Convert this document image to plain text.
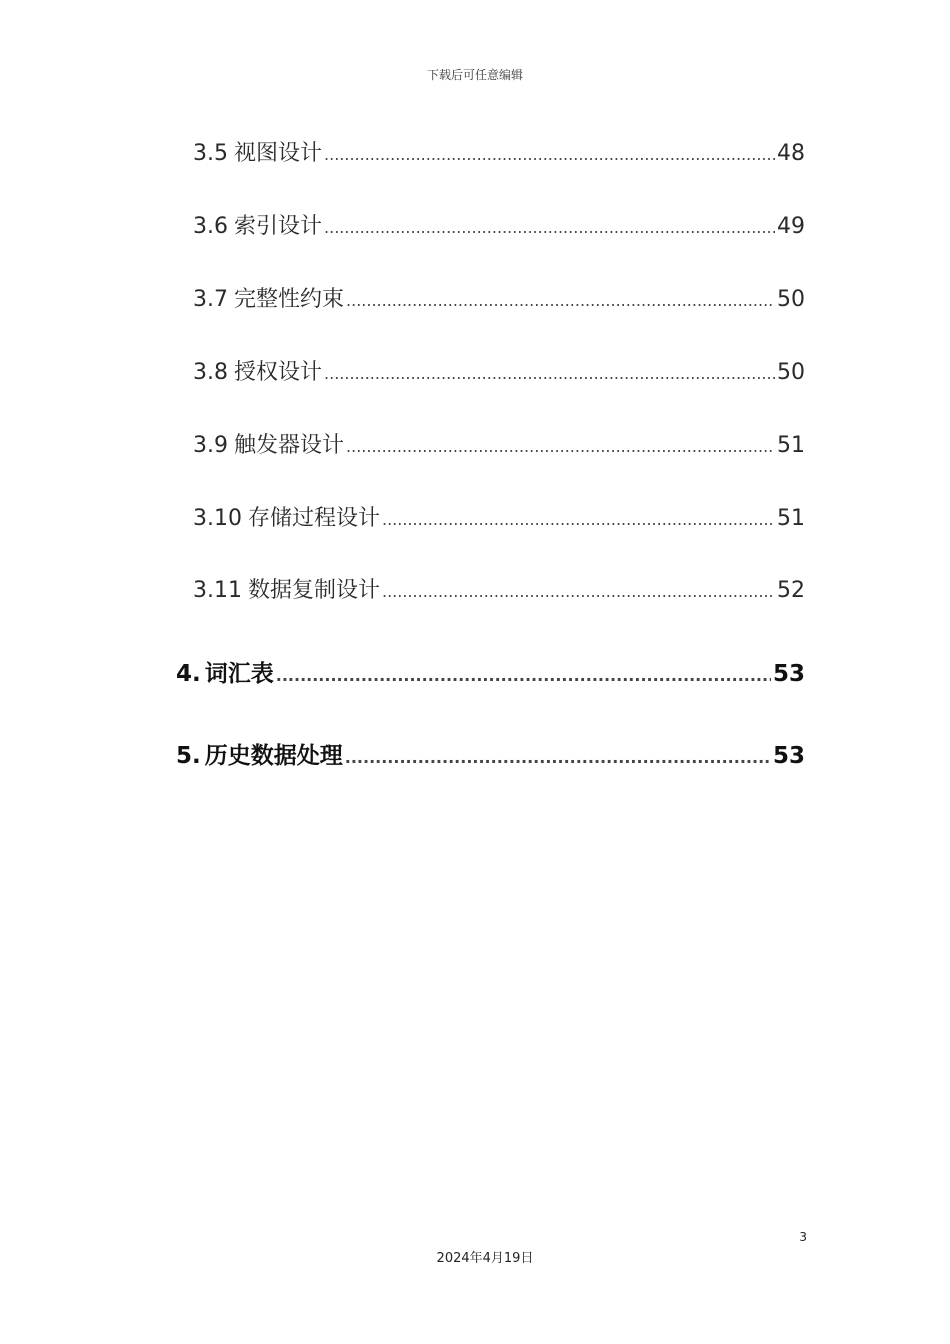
下载后可任意编辑
3.5 视图设计 .....	48
3.6 索引设计 .....	49
3.7 完整性约束 .....	50
3.8 授权设计 .....	50
3.9 触发器设计 .....	51
3.10 存储过程设计 .....	51
3.11 数据复制设计 .....	52
4. 词汇表 .....	53
5. 历史数据处理 .....	53
3
2024年4月19日
